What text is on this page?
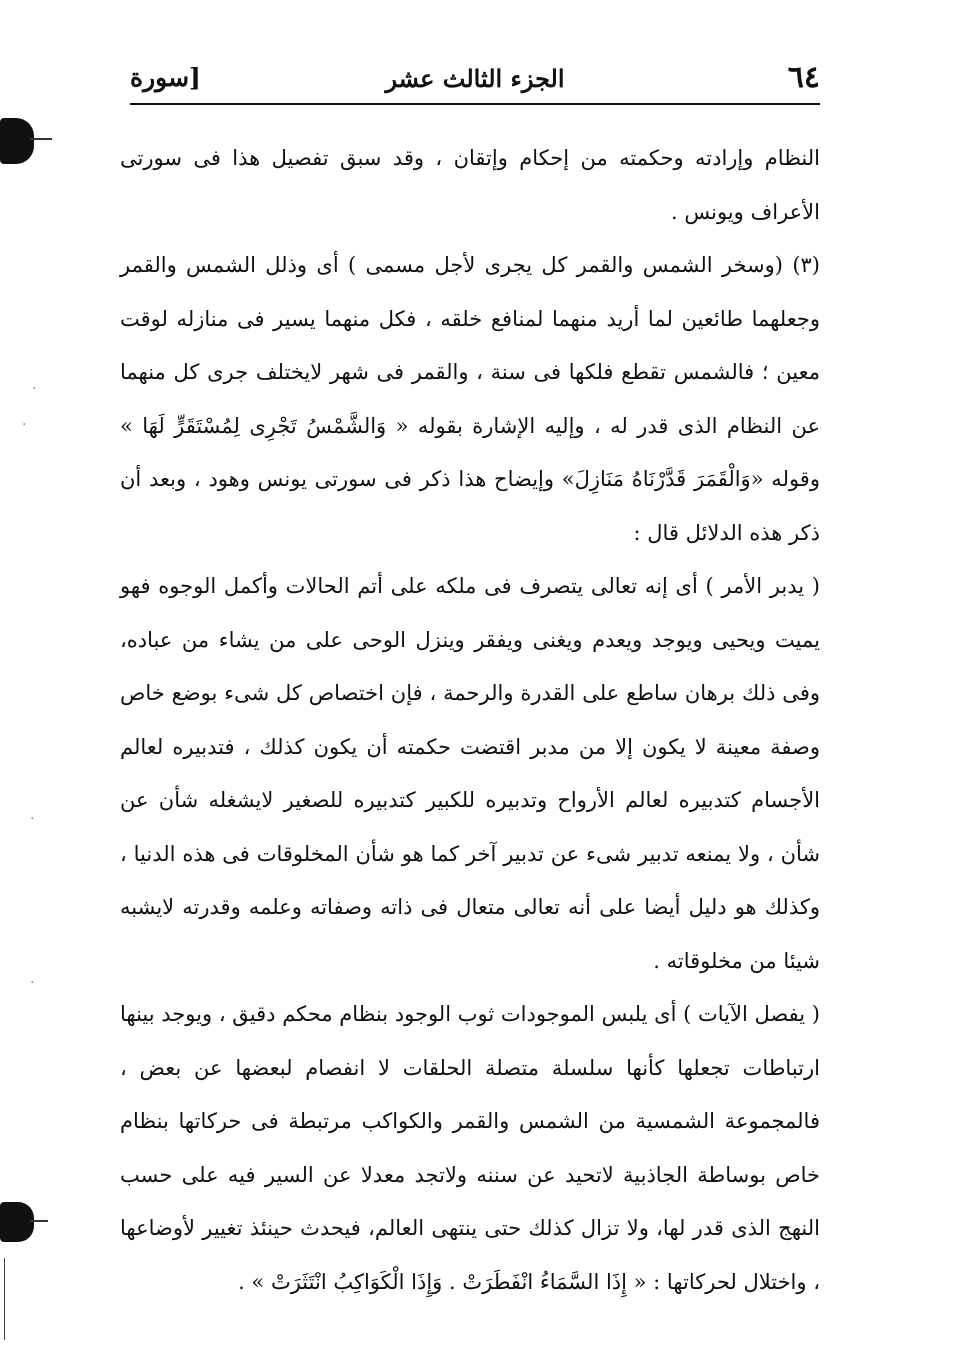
·
·
·
·
٦٤
الجزء الثالث عشر
[سورة

النظام وإرادته وحكمته من إحكام وإتقان ، وقد سبق تفصيل هذا فى سورتى الأعراف ويونس .

(٣) (وسخر الشمس والقمر كل يجرى لأجل مسمى ) أى وذلل الشمس والقمر وجعلهما طائعين لما أريد منهما لمنافع خلقه ، فكل منهما يسير فى منازله لوقت معين ؛ فالشمس تقطع فلكها فى سنة ، والقمر فى شهر لايختلف جرى كل منهما عن النظام الذى قدر له ، وإليه الإشارة بقوله « وَالشَّمْسُ تَجْرِى لِمُسْتَقَرٍّ لَهَا » وقوله «وَالْقَمَرَ قَدَّرْنَاهُ مَنَازِلَ» وإيضاح هذا ذكر فى سورتى يونس وهود ، وبعد أن ذكر هذه الدلائل قال :

( يدبر الأمر ) أى إنه تعالى يتصرف فى ملكه على أتم الحالات وأكمل الوجوه فهو يميت ويحيى ويوجد ويعدم ويغنى ويفقر وينزل الوحى على من يشاء من عباده، وفى ذلك برهان ساطع على القدرة والرحمة ، فإن اختصاص كل شىء بوضع خاص وصفة معينة لا يكون إلا من مدبر اقتضت حكمته أن يكون كذلك ، فتدبيره لعالم الأجسام كتدبيره لعالم الأرواح وتدبيره للكبير كتدبيره للصغير لايشغله شأن عن شأن ، ولا يمنعه تدبير شىء عن تدبير آخر كما هو شأن المخلوقات فى هذه الدنيا ، وكذلك هو دليل أيضا على أنه تعالى متعال فى ذاته وصفاته وعلمه وقدرته لايشبه شيئا من مخلوقاته .

( يفصل الآيات ) أى يلبس الموجودات ثوب الوجود بنظام محكم دقيق ، ويوجد بينها ارتباطات تجعلها كأنها سلسلة متصلة الحلقات لا انفصام لبعضها عن بعض ، فالمجموعة الشمسية من الشمس والقمر والكواكب مرتبطة فى حركاتها بنظام خاص بوساطة الجاذبية لاتحيد عن سننه ولاتجد معدلا عن السير فيه على حسب النهج الذى قدر لها، ولا تزال كذلك حتى ينتهى العالم، فيحدث حينئذ تغيير لأوضاعها ، واختلال لحركاتها : « إِذَا السَّمَاءُ انْفَطَرَتْ . وَإِذَا الْكَوَاكِبُ انْتَثَرَتْ » .
